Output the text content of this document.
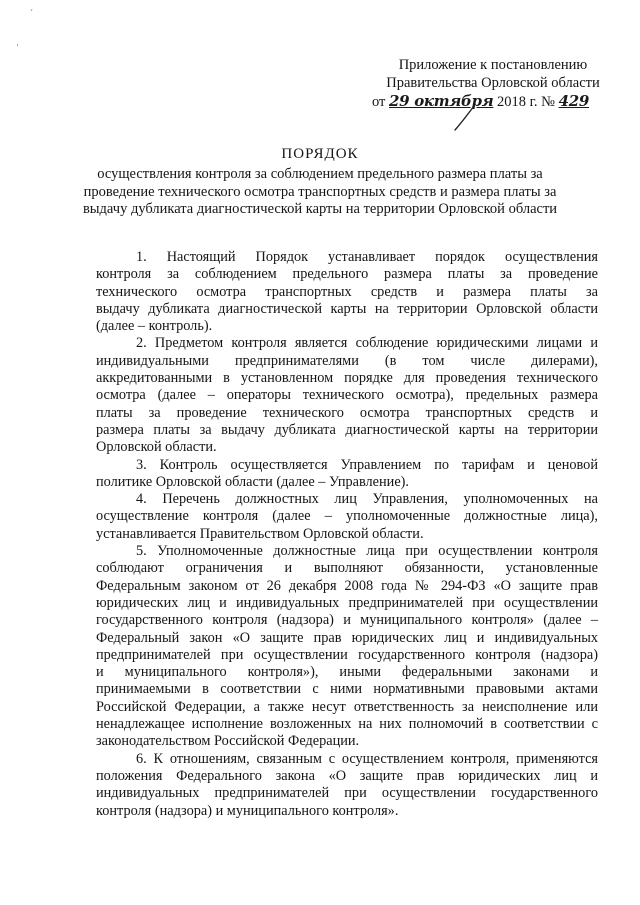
ˊ
·
Приложение к постановлению
Правительства Орловской области
от 29 октября 2018 г. № 429
ПОРЯДОК
осуществления контроля за соблюдением предельного размера платы за
проведение технического осмотра транспортных средств и размера платы за
выдачу дубликата диагностической карты на территории Орловской области

1. Настоящий Порядок устанавливает порядок осуществления
контроля за соблюдением предельного размера платы за проведение
технического осмотра транспортных средств и размера платы за
выдачу дубликата диагностической карты на территории Орловской области
(далее – контроль).

2. Предметом контроля является соблюдение юридическими лицами и
индивидуальными предпринимателями (в том числе дилерами),
аккредитованными в установленном порядке для проведения технического
осмотра (далее – операторы технического осмотра), предельных размера
платы за проведение технического осмотра транспортных средств и
размера платы за выдачу дубликата диагностической карты на территории
Орловской области.

3. Контроль осуществляется Управлением по тарифам и ценовой
политике Орловской области (далее – Управление).

4. Перечень должностных лиц Управления, уполномоченных на
осуществление контроля (далее – уполномоченные должностные лица),
устанавливается Правительством Орловской области.

5. Уполномоченные должностные лица при осуществлении контроля
соблюдают ограничения и выполняют обязанности, установленные
Федеральным законом от 26 декабря 2008 года № 294-ФЗ «О защите прав
юридических лиц и индивидуальных предпринимателей при осуществлении
государственного контроля (надзора) и муниципального контроля» (далее –
Федеральный закон «О защите прав юридических лиц и индивидуальных
предпринимателей при осуществлении государственного контроля (надзора)
и муниципального контроля»), иными федеральными законами и
принимаемыми в соответствии с ними нормативными правовыми актами
Российской Федерации, а также несут ответственность за неисполнение или
ненадлежащее исполнение возложенных на них полномочий в соответствии с
законодательством Российской Федерации.

6. К отношениям, связанным с осуществлением контроля, применяются
положения Федерального закона «О защите прав юридических лиц и
индивидуальных предпринимателей при осуществлении государственного
контроля (надзора) и муниципального контроля».
